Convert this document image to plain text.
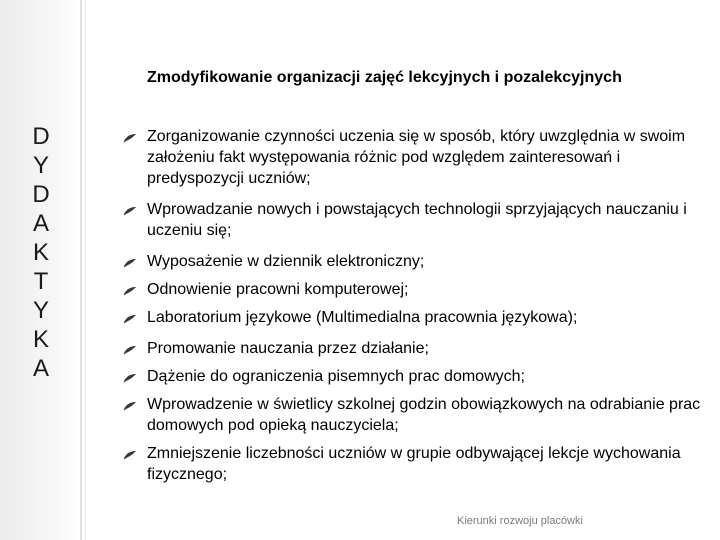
D
Y
D
A
K
T
Y
K
A
Zmodyfikowanie organizacji zajęć lekcyjnych i pozalekcyjnych
Zorganizowanie czynności uczenia się w sposób, który uwzględnia w swoim założeniu fakt występowania różnic pod względem zainteresowań i predyspozycji uczniów;
Wprowadzanie nowych i powstających technologii sprzyjających nauczaniu i uczeniu się;
Wyposażenie w dziennik elektroniczny;
Odnowienie pracowni komputerowej;
Laboratorium językowe (Multimedialna pracownia językowa);
Promowanie nauczania przez działanie;
Dążenie do ograniczenia pisemnych prac domowych;
Wprowadzenie w świetlicy szkolnej godzin obowiązkowych na odrabianie prac domowych pod opieką nauczyciela;
Zmniejszenie liczebności uczniów w grupie odbywającej lekcje wychowania fizycznego;
Kierunki rozwoju placówki
